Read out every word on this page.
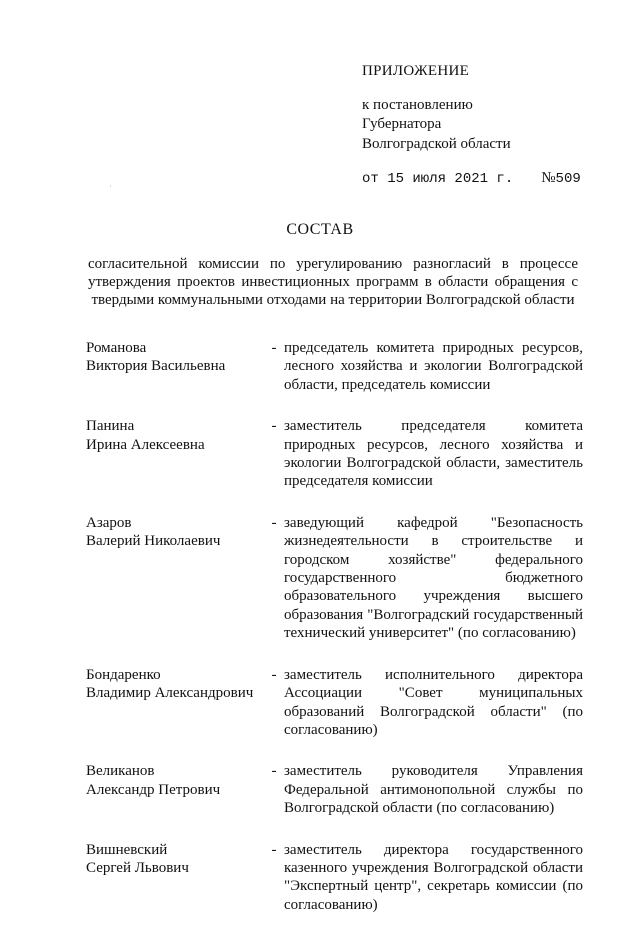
ПРИЛОЖЕНИЕ
к постановлению
Губернатора
Волгоградской области
от 15 июля 2021 г. №509
˙
СОСТАВ
согласительной комиссии по урегулированию разногласий в процессе утверждения проектов инвестиционных программ в области обращения с твердыми коммунальными отходами на территории Волгоградской области
Романова
Виктория Васильевна
- председатель комитета природных ресурсов, лесного хозяйства и экологии Волгоградской области, председатель комиссии
Панина
Ирина Алексеевна
- заместитель председателя комитета природных ресурсов, лесного хозяйства и экологии Волгоградской области, заместитель председателя комиссии
Азаров
Валерий Николаевич
- заведующий кафедрой "Безопасность жизнедеятельности в строительстве и городском хозяйстве" федерального государственного бюджетного образовательного учреждения высшего образования "Волгоградский государственный технический университет" (по согласованию)
Бондаренко
Владимир Александрович
- заместитель исполнительного директора Ассоциации "Совет муниципальных образований Волгоградской области" (по согласованию)
Великанов
Александр Петрович
- заместитель руководителя Управления Федеральной антимонопольной службы по Волгоградской области (по согласованию)
Вишневский
Сергей Львович
- заместитель директора государственного казенного учреждения Волгоградской области "Экспертный центр", секретарь комиссии (по согласованию)
